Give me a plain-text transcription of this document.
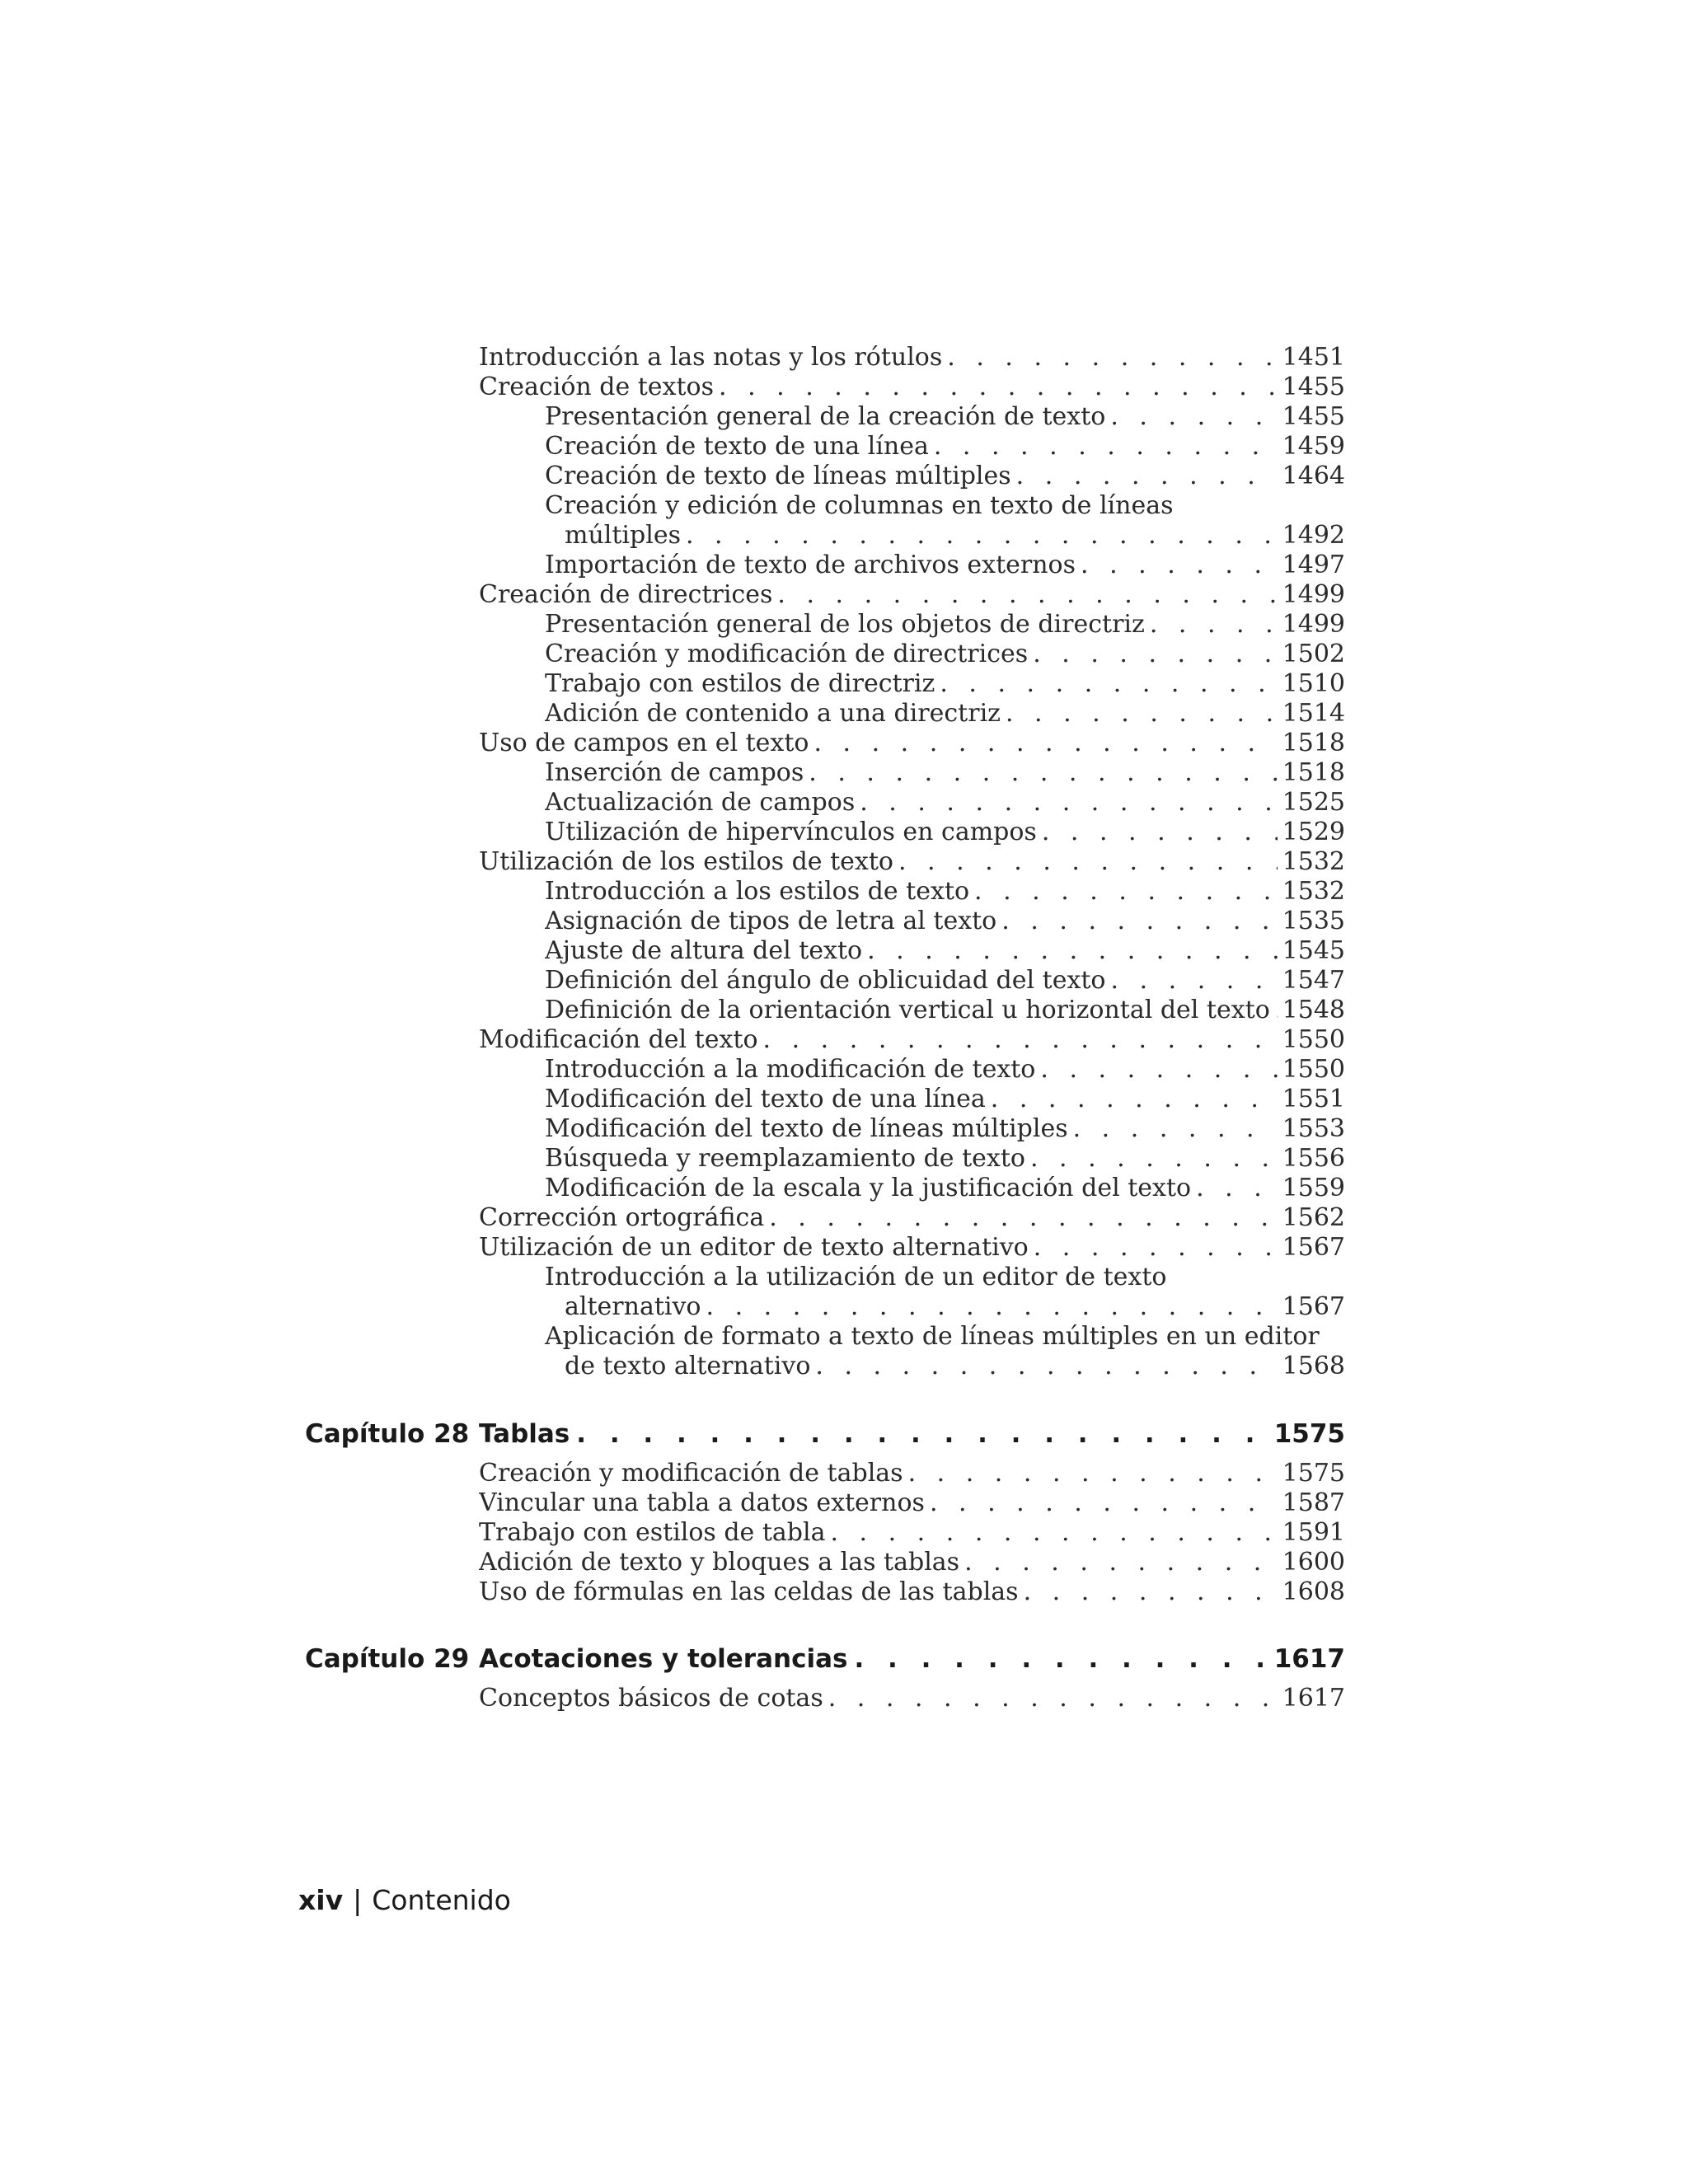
Introducción a las notas y los rótulos . . .	1451
Creación de textos . . .	1455
Presentación general de la creación de texto . . .	1455
Creación de texto de una línea . . .	1459
Creación de texto de líneas múltiples . . .	1464
Creación y edición de columnas en texto de líneas
múltiples . . .	1492
Importación de texto de archivos externos . . .	1497
Creación de directrices . . .	1499
Presentación general de los objetos de directriz . . .	1499
Creación y modificación de directrices . . .	1502
Trabajo con estilos de directriz . . .	1510
Adición de contenido a una directriz . . .	1514
Uso de campos en el texto . . .	1518
Inserción de campos . . .	1518
Actualización de campos . . .	1525
Utilización de hipervínculos en campos . . .	1529
Utilización de los estilos de texto . . .	1532
Introducción a los estilos de texto . . .	1532
Asignación de tipos de letra al texto . . .	1535
Ajuste de altura del texto . . .	1545
Definición del ángulo de oblicuidad del texto . . .	1547
Definición de la orientación vertical u horizontal del texto . . . 1548
Modificación del texto . . .	1550
Introducción a la modificación de texto . . .	1550
Modificación del texto de una línea . . .	1551
Modificación del texto de líneas múltiples . . .	1553
Búsqueda y reemplazamiento de texto . . .	1556
Modificación de la escala y la justificación del texto . . .	1559
Corrección ortográfica . . .	1562
Utilización de un editor de texto alternativo . . .	1567
Introducción a la utilización de un editor de texto
alternativo . . .	1567
Aplicación de formato a texto de líneas múltiples en un editor
de texto alternativo . . .	1568
Capítulo 28 Tablas . . .	1575
Creación y modificación de tablas . . .	1575
Vincular una tabla a datos externos . . .	1587
Trabajo con estilos de tabla . . .	1591
Adición de texto y bloques a las tablas . . .	1600
Uso de fórmulas en las celdas de las tablas . . .	1608
Capítulo 29 Acotaciones y tolerancias . . .	1617
Conceptos básicos de cotas . . .	1617
xiv | Contenido
